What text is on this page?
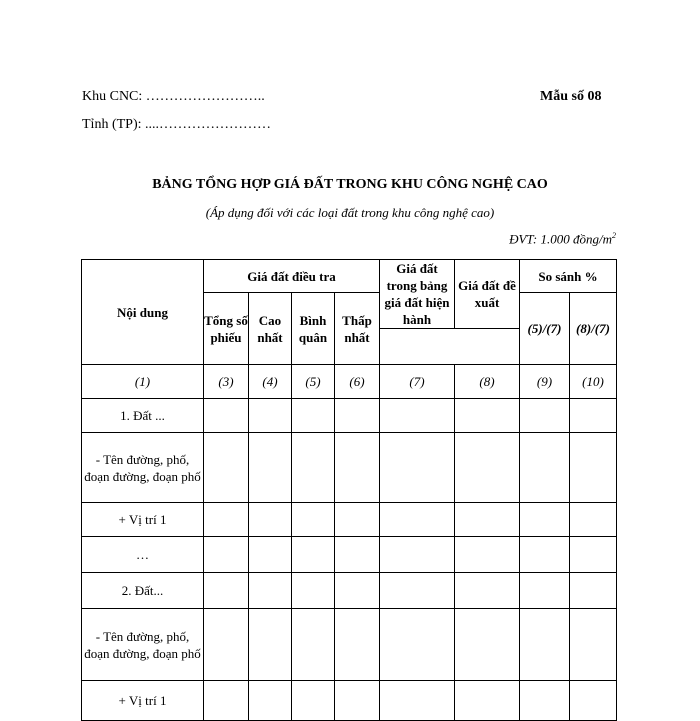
Khu CNC: ……………………..
Tỉnh (TP): ....……………………
Mẫu số 08
BẢNG TỔNG HỢP GIÁ ĐẤT TRONG KHU CÔNG NGHỆ CAO
(Áp dụng đối với các loại đất trong khu công nghệ cao)
ĐVT: 1.000 đồng/$m^2$
Nội dung	Giá đất điều tra				Giá đất trong bảng giá đất hiện hành	Giá đất đề xuất	So sánh %	
	Tổng số phiếu	Cao nhất	Bình quân	Thấp nhất			(5)/(7)	(8)/(7)

(1)	(3)	(4)	(5)	(6)	(7)	(8)	(9)	(10)
1. Đất ...								
- Tên đường, phố, đoạn đường, đoạn phố								
+ Vị trí 1								
…								
2. Đất...								
- Tên đường, phố, đoạn đường, đoạn phố								
+ Vị trí 1								
